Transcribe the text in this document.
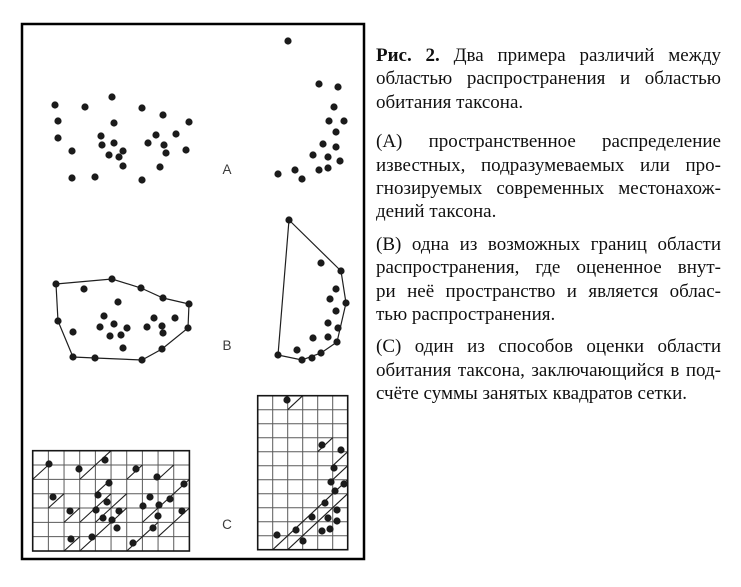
A
B
C
Рис. 2. Два примера различий между
областью распространения и областью
обитания таксона.
(А) пространственное распределение
известных, подразумеваемых или про-
гнозируемых современных местонахож-
дений таксона.
(В) одна из возможных границ области
распространения, где оцененное внут-
ри неё пространство и является облас-
тью распространения.
(С) один из способов оценки области
обитания таксона, заключающийся в под-
счёте суммы занятых квадратов сетки.
